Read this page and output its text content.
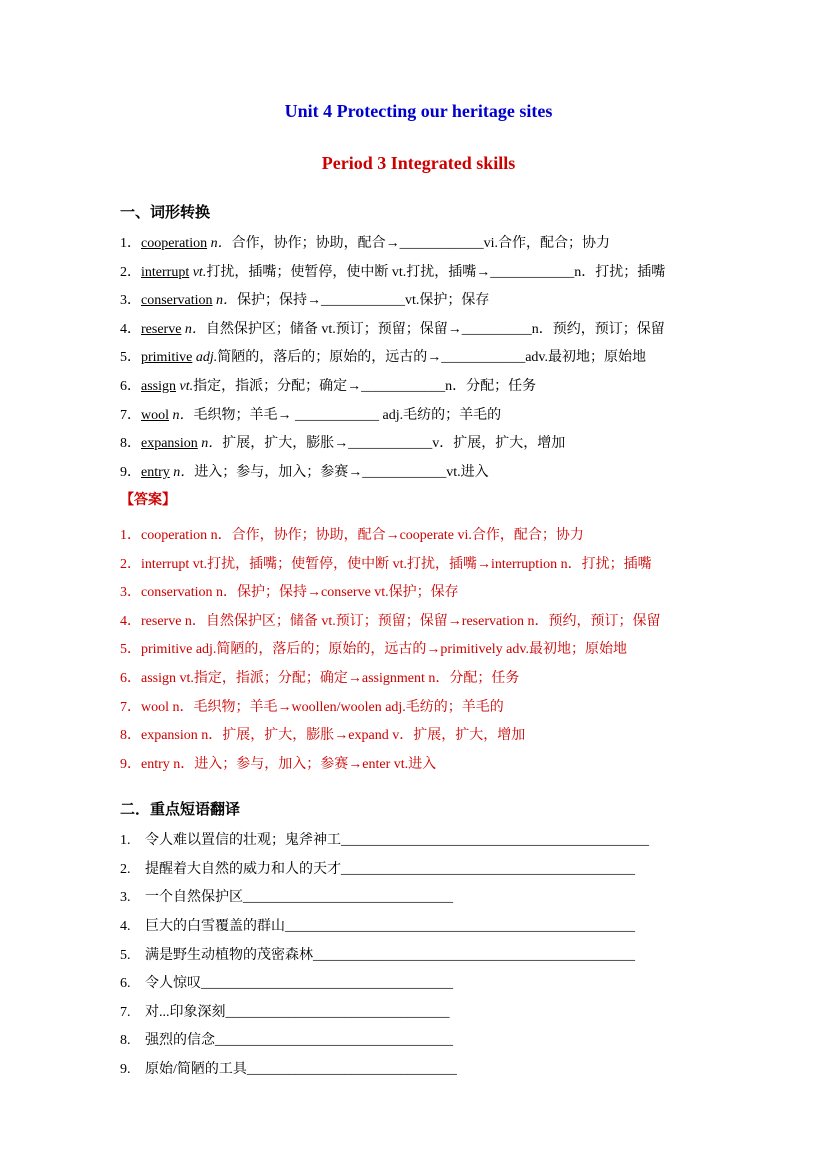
Unit 4 Protecting our heritage sites
Period 3 Integrated skills

一、词形转换

1．cooperation n．合作，协作；协助，配合→____________vi.合作，配合；协力

2．interrupt vt.打扰，插嘴；使暂停，使中断 vt.打扰，插嘴→____________n．打扰；插嘴

3．conservation n．保护；保持→____________vt.保护；保存

4．reserve n．自然保护区；储备 vt.预订；预留；保留→__________n．预约，预订；保留

5．primitive adj.简陋的，落后的；原始的，远古的→____________adv.最初地；原始地

6．assign vt.指定，指派；分配；确定→____________n．分配；任务

7．wool n．毛织物；羊毛→ ____________ adj.毛纺的；羊毛的

8．expansion n．扩展，扩大，膨胀→____________v．扩展，扩大，增加

9．entry n．进入；参与，加入；参赛→____________vt.进入

【答案】

1．cooperation n．合作，协作；协助，配合→cooperate vi.合作，配合；协力

2．interrupt vt.打扰，插嘴；使暂停，使中断 vt.打扰，插嘴→interruption n．打扰；插嘴

3．conservation n．保护；保持→conserve vt.保护；保存

4．reserve n．自然保护区；储备 vt.预订；预留；保留→reservation n．预约，预订；保留

5．primitive adj.简陋的，落后的；原始的，远古的→primitively adv.最初地；原始地

6．assign vt.指定，指派；分配；确定→assignment n．分配；任务

7．wool n．毛织物；羊毛→woollen/woolen adj.毛纺的；羊毛的

8．expansion n．扩展，扩大，膨胀→expand v．扩展，扩大，增加

9．entry n．进入；参与，加入；参赛→enter vt.进入

二．重点短语翻译

1. 令人难以置信的壮观；鬼斧神工____________________________________________

2. 提醒着大自然的威力和人的天才__________________________________________

3. 一个自然保护区______________________________

4. 巨大的白雪覆盖的群山__________________________________________________

5. 满是野生动植物的茂密森林______________________________________________

6. 令人惊叹____________________________________

7. 对...印象深刻________________________________

8. 强烈的信念__________________________________

9. 原始/简陋的工具______________________________
